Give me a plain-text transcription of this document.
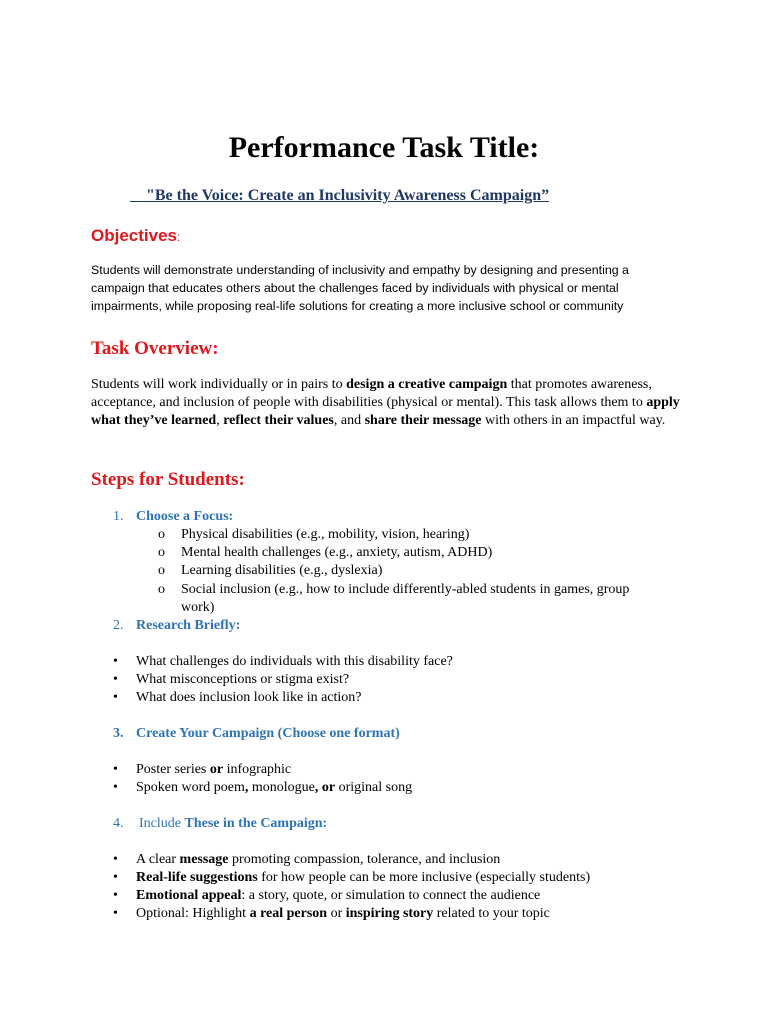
Performance Task Title:
"Be the Voice: Create an Inclusivity Awareness Campaign”
Objectives:
Students will demonstrate understanding of inclusivity and empathy by designing and presenting a campaign that educates others about the challenges faced by individuals with physical or mental impairments, while proposing real-life solutions for creating a more inclusive school or community
Task Overview:
Students will work individually or in pairs to design a creative campaign that promotes awareness, acceptance, and inclusion of people with disabilities (physical or mental). This task allows them to apply what they’ve learned, reflect their values, and share their message with others in an impactful way.
Steps for Students:
1. Choose a Focus:
o Physical disabilities (e.g., mobility, vision, hearing)
o Mental health challenges (e.g., anxiety, autism, ADHD)
o Learning disabilities (e.g., dyslexia)
o Social inclusion (e.g., how to include differently-abled students in games, group
work)
2. Research Briefly:
• What challenges do individuals with this disability face?
• What misconceptions or stigma exist?
• What does inclusion look like in action?
3. Create Your Campaign (Choose one format)
• Poster series or infographic
• Spoken word poem, monologue, or original song
4. Include These in the Campaign:
• A clear message promoting compassion, tolerance, and inclusion
• Real-life suggestions for how people can be more inclusive (especially students)
• Emotional appeal: a story, quote, or simulation to connect the audience
• Optional: Highlight a real person or inspiring story related to your topic
